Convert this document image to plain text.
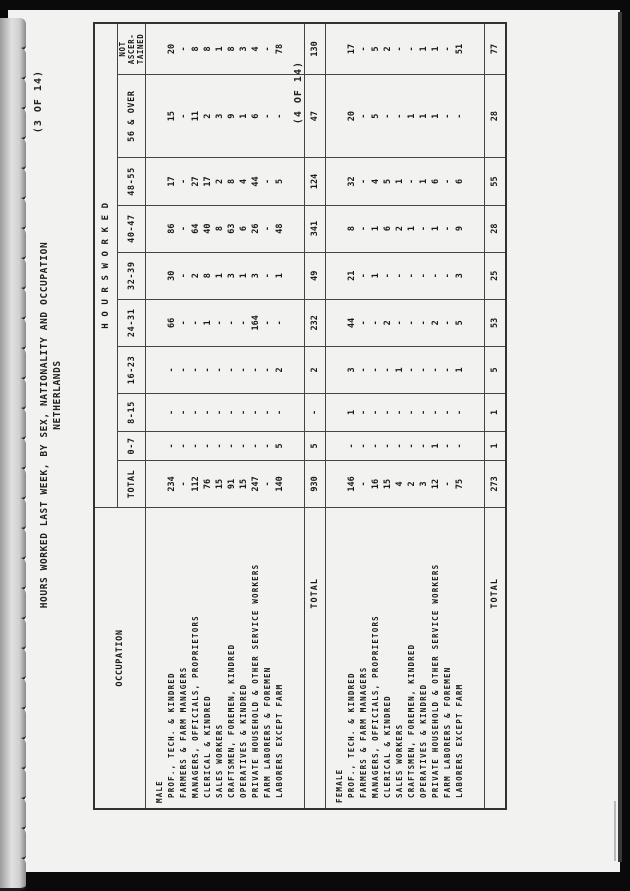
(3 OF 14)
HOURS WORKED LAST WEEK, BY SEX, NATIONALITY AND OCCUPATION NETHERLANDS
(4 OF 14)
OCCUPATION	H O U R S W O R K E D									
	TOTAL	0-7	8-15	16-23	24-31	32-39	40-47	48-55	56 & OVER	NOT ASCER- TAINED

MALE										
PROF., TECH. & KINDRED	234	-	-	-	66	30	86	17	15	20
FARMERS & FARM MANAGERS	-	-	-	-	-	-	-	-	-	-
MANAGERS, OFFICIALS, PROPRIETORS	112	-	-	-	-	2	64	27	11	8
CLERICAL & KINDRED	76	-	-	-	1	8	40	17	2	8
SALES WORKERS	15	-	-	-	-	1	8	2	3	1
CRAFTSMEN, FOREMEN, KINDRED	91	-	-	-	-	3	63	8	9	8
OPERATIVES & KINDRED	15	-	-	-	-	1	6	4	1	3
PRIVATE HOUSEHOLD & OTHER SERVICE WORKERS	247	-	-	-	164	3	26	44	6	4
FARM LABORERS & FOREMEN	-	-	-	-	-	-	-	-	-	-
LABORERS EXCEPT FARM	140	5	-	2	-	1	48	5	-	78

TOTAL	930	5	-	2	232	49	341	124	47	130

FEMALE										
PROF., TECH. & KINDRED	146	-	1	3	44	21	8	32	20	17
FARMERS & FARM MANAGERS	-	-	-	-	-	-	-	-	-	-
MANAGERS, OFFICIALS, PROPRIETORS	16	-	-	-	-	1	1	4	5	5
CLERICAL & KINDRED	15	-	-	-	2	-	6	5	-	2
SALES WORKERS	4	-	-	1	-	-	2	1	-	-
CRAFTSMEN, FOREMEN, KINDRED	2	-	-	-	-	-	1	-	1	-
OPERATIVES & KINDRED	3	-	-	-	-	-	-	1	1	1
PRIVATE HOUSEHOLD & OTHER SERVICE WORKERS	12	1	-	-	2	-	1	6	1	1
FARM LABORERS & FOREMEN	-	-	-	-	-	-	-	-	-	-
LABORERS EXCEPT FARM	75	-	-	1	5	3	9	6	-	51

TOTAL	273	1	1	5	53	25	28	55	28	77
